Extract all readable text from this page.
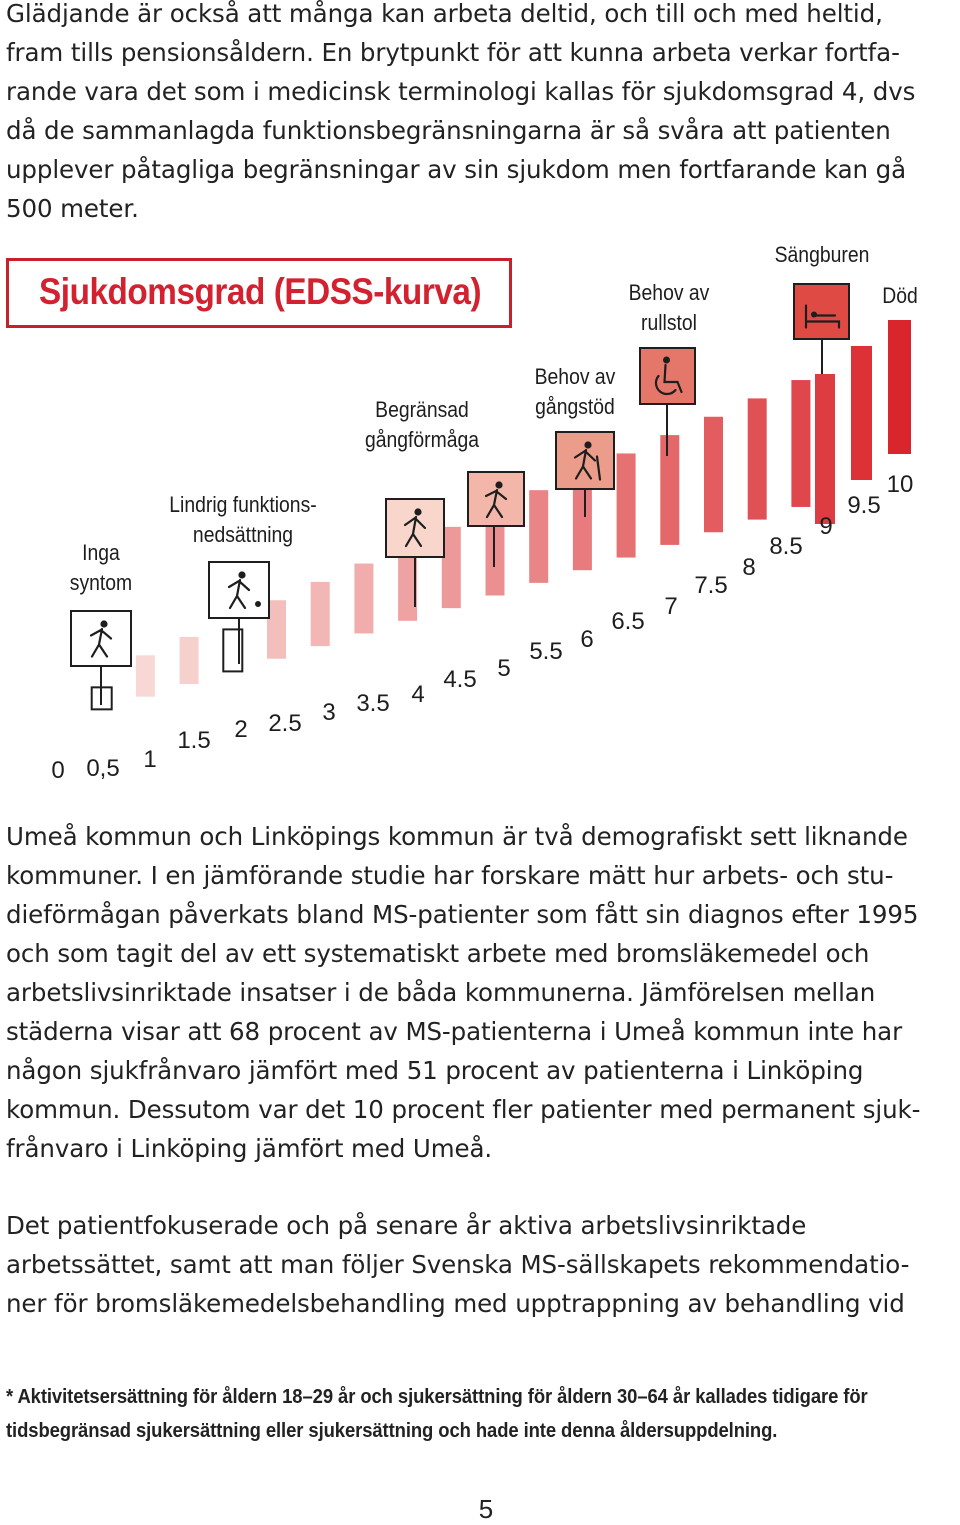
Glädjande är också att många kan arbeta deltid, och till och med heltid,
fram tills pensionsåldern. En brytpunkt för att kunna arbeta verkar fortfa-
rande vara det som i medicinsk terminologi kallas för sjukdomsgrad 4, dvs
då de sammanlagda funktionsbegränsningarna är så svåra att patienten
upplever påtagliga begränsningar av sin sjukdom men fortfarande kan gå
500 meter.
Sjukdomsgrad (EDSS-kurva)
0 0,5 1
1.5 2 2.5 3 3.5 4
4.5 5
5.5 6
6.5
7
7.5
8
8.5
9
9.5
10
Inga
syntom
Lindrig funktions-
nedsättning
Begränsad
gångförmåga
Behov av
gångstöd
Behov av
rullstol
Sängburen
Död
Umeå kommun och Linköpings kommun är två demografiskt sett liknande
kommuner. I en jämförande studie har forskare mätt hur arbets- och stu-
dieförmågan påverkats bland MS-patienter som fått sin diagnos efter 1995
och som tagit del av ett systematiskt arbete med bromsläkemedel och
arbetslivsinriktade insatser i de båda kommunerna. Jämförelsen mellan
städerna visar att 68 procent av MS-patienterna i Umeå kommun inte har
någon sjukfrånvaro jämfört med 51 procent av patienterna i Linköping
kommun. Dessutom var det 10 procent fler patienter med permanent sjuk-
frånvaro i Linköping jämfört med Umeå.
Det patientfokuserade och på senare år aktiva arbetslivsinriktade
arbetssättet, samt att man följer Svenska MS-sällskapets rekommendatio-
ner för bromsläkemedelsbehandling med upptrappning av behandling vid
* Aktivitetsersättning för åldern 18–29 år och sjukersättning för åldern 30–64 år kallades tidigare för
tidsbegränsad sjukersättning eller sjukersättning och hade inte denna åldersuppdelning.
5
